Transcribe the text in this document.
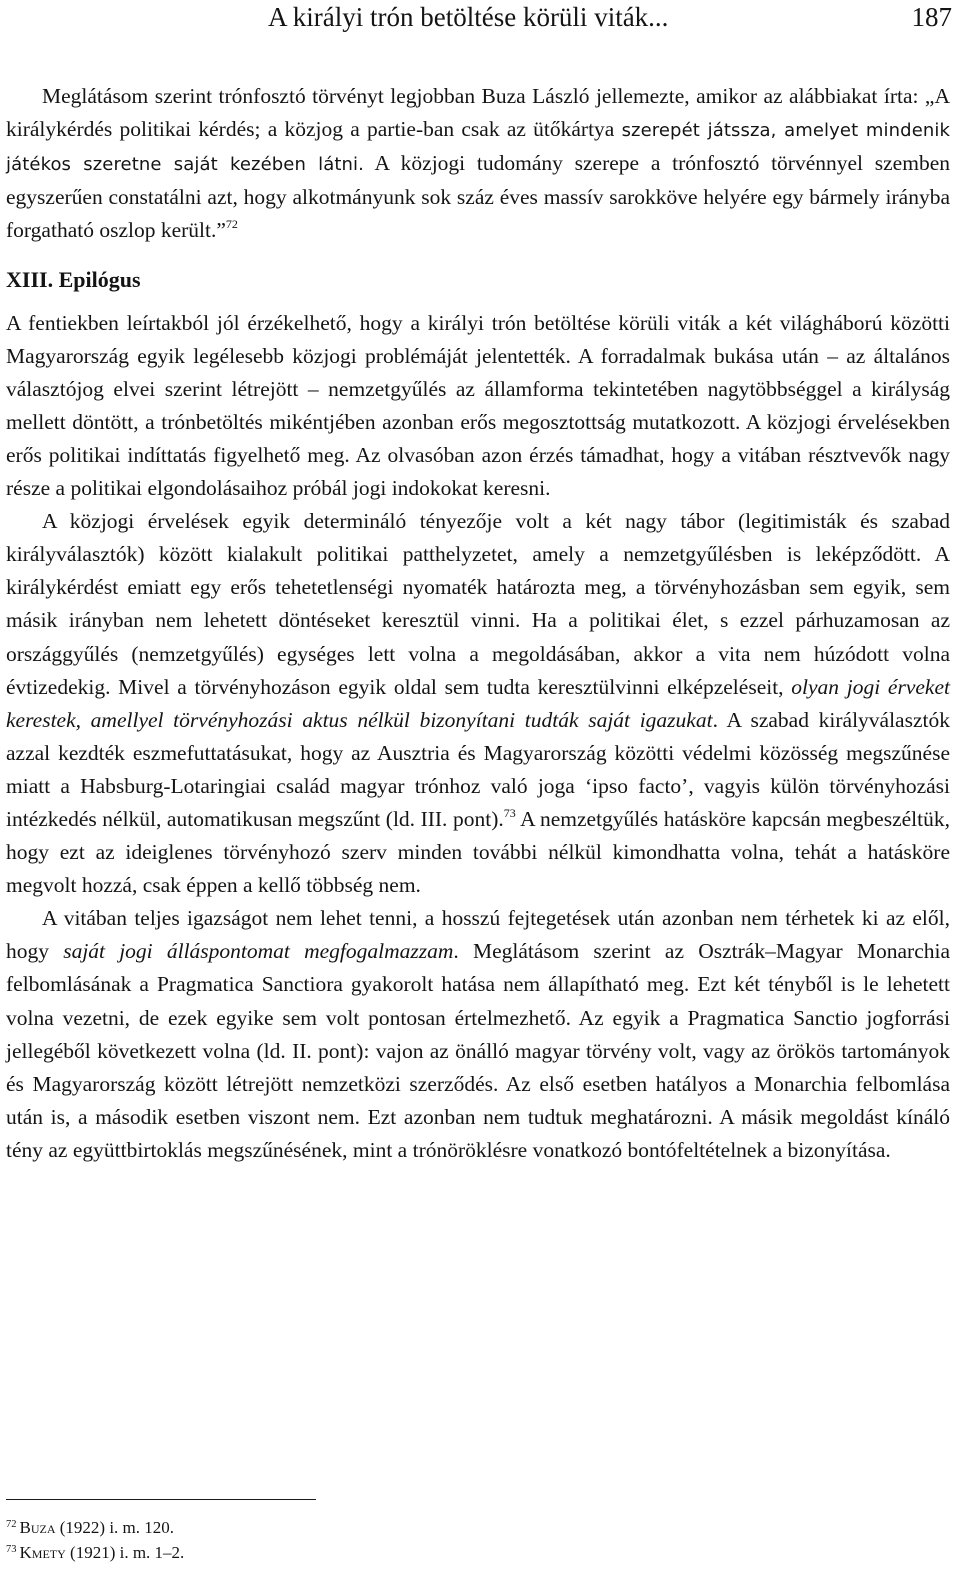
A királyi trón betöltése körüli viták...	187

Meglátásom szerint trónfosztó törvényt legjobban Buza László jellemezte, amikor az alábbiakat írta: „A királykérdés politikai kérdés; a közjog a partie-ban csak az ütőkártya szerepét játssza, amelyet mindenik játékos szeretne saját kezében látni. A közjogi tudomány szerepe a trónfosztó törvénnyel szemben egyszerűen constatálni azt, hogy alkotmányunk sok száz éves massív sarokköve helyére egy bármely irányba forgatható oszlop került.”$^{72}$

XIII. Epilógus

A fentiekben leírtakból jól érzékelhető, hogy a királyi trón betöltése körüli viták a két világháború közötti Magyarország egyik legélesebb közjogi problémáját jelentették. A forradalmak bukása után – az általános választójog elvei szerint létrejött – nemzetgyűlés az államforma tekintetében nagytöbbséggel a királyság mellett döntött, a trónbetöltés mikéntjében azonban erős megosztottság mutatkozott. A közjogi érvelésekben erős politikai indíttatás figyelhető meg. Az olvasóban azon érzés támadhat, hogy a vitában résztvevők nagy része a politikai elgondolásaihoz próbál jogi indokokat keresni.

A közjogi érvelések egyik determináló tényezője volt a két nagy tábor (legitimisták és szabad királyválasztók) között kialakult politikai patthelyzetet, amely a nemzetgyűlésben is leképződött. A királykérdést emiatt egy erős tehetetlenségi nyomaték határozta meg, a törvényhozásban sem egyik, sem másik irányban nem lehetett döntéseket keresztül vinni. Ha a politikai élet, s ezzel párhuzamosan az országgyűlés (nemzetgyűlés) egységes lett volna a megoldásában, akkor a vita nem húzódott volna évtizedekig. Mivel a törvényhozáson egyik oldal sem tudta keresztülvinni elképzeléseit, olyan jogi érveket kerestek, amellyel törvényhozási aktus nélkül bizonyítani tudták saját igazukat. A szabad királyválasztók azzal kezdték eszmefuttatásukat, hogy az Ausztria és Magyarország közötti védelmi közösség megszűnése miatt a Habsburg-Lotaringiai család magyar trónhoz való joga ‘ipso facto’, vagyis külön törvényhozási intézkedés nélkül, automatikusan megszűnt (ld. III. pont).$^{73}$ A nemzetgyűlés hatásköre kapcsán megbeszéltük, hogy ezt az ideiglenes törvényhozó szerv minden további nélkül kimondhatta volna, tehát a hatásköre megvolt hozzá, csak éppen a kellő többség nem.

A vitában teljes igazságot nem lehet tenni, a hosszú fejtegetések után azonban nem térhetek ki az elől, hogy saját jogi álláspontomat megfogalmazzam. Meglátásom szerint az Osztrák–Magyar Monarchia felbomlásának a Pragmatica Sanctiora gyakorolt hatása nem állapítható meg. Ezt két tényből is le lehetett volna vezetni, de ezek egyike sem volt pontosan értelmezhető. Az egyik a Pragmatica Sanctio jogforrási jellegéből következett volna (ld. II. pont): vajon az önálló magyar törvény volt, vagy az örökös tartományok és Magyarország között létrejött nemzetközi szerződés. Az első esetben hatályos a Monarchia felbomlása után is, a második esetben viszont nem. Ezt azonban nem tudtuk meghatározni. A másik megoldást kínáló tény az együttbirtoklás megszűnésének, mint a trónöröklésre vonatkozó bontófeltételnek a bizonyítása.

$^{72}$ Buza (1922) i. m. 120.
$^{73}$ Kmety (1921) i. m. 1–2.
